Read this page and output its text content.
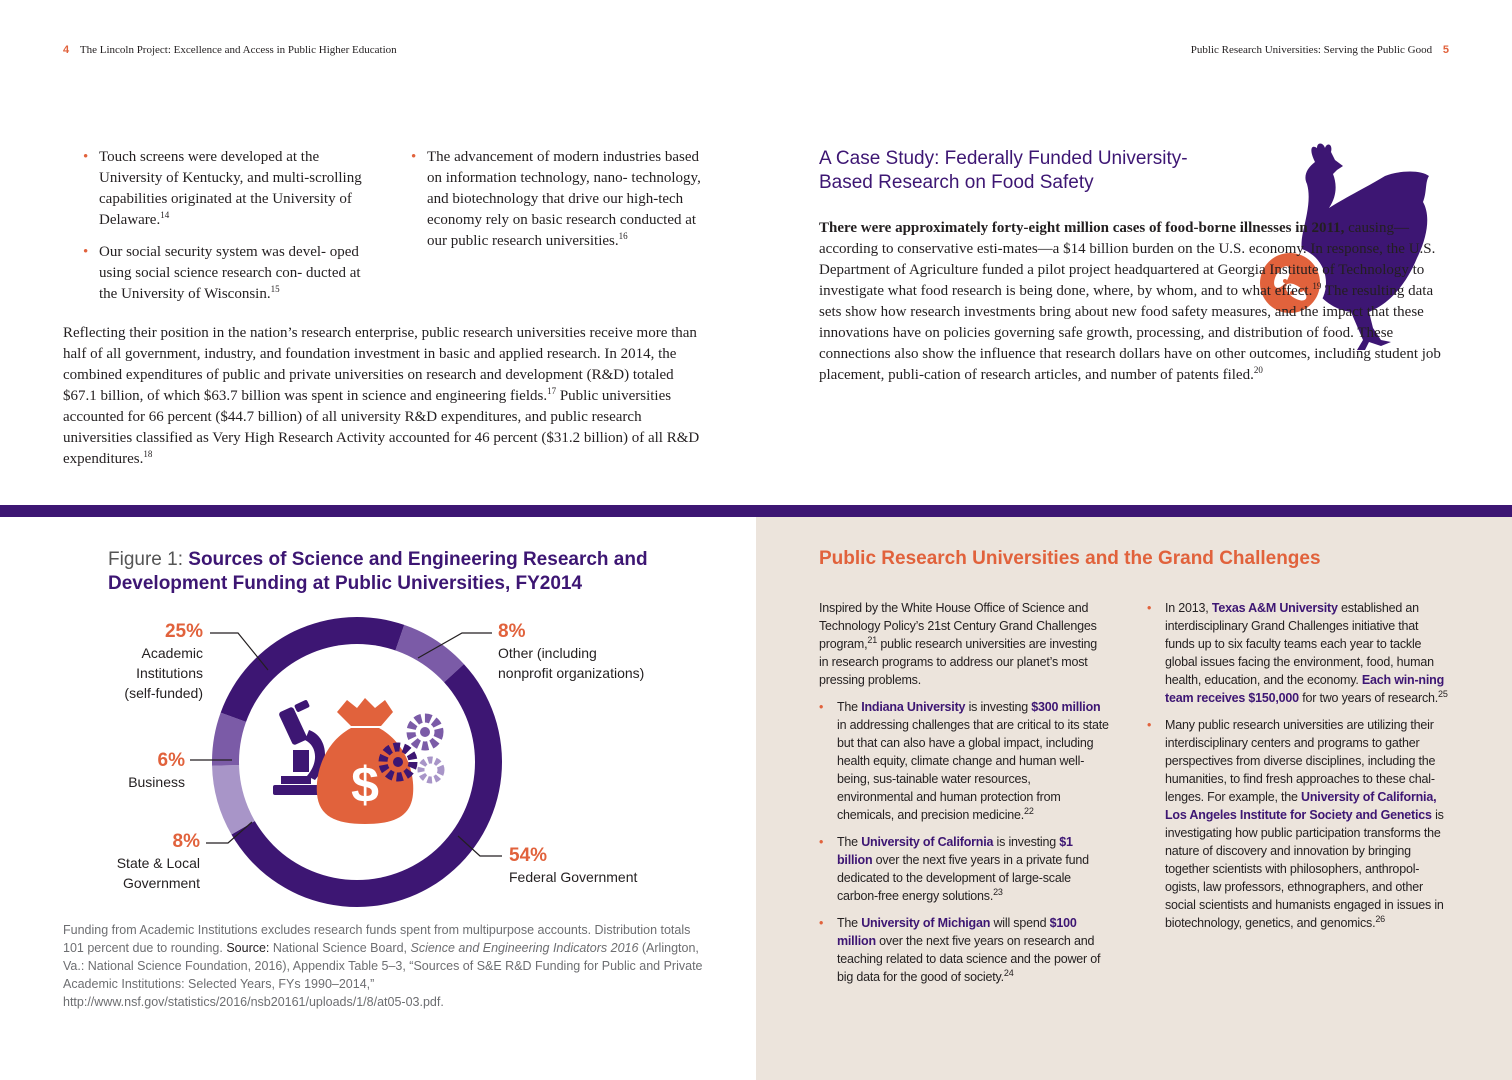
4 The Lincoln Project: Excellence and Access in Public Higher Education	Public Research Universities: Serving the Public Good 5
• Touch screens were developed at the University of Kentucky, and multi-scrolling capabilities originated at the University of Delaware.$^{14}$
• Our social security system was devel- oped using social science research con- ducted at the University of Wisconsin.$^{15}$
• The advancement of modern industries based on information technology, nano- technology, and biotechnology that drive our high-tech economy rely on basic research conducted at our public research universities.$^{16}$

Reflecting their position in the nation’s research enterprise, public research universities receive more than half of all government, industry, and foundation investment in basic and applied research. In 2014, the combined expenditures of public and private universities on research and development (R&D) totaled $67.1 billion, of which $63.7 billion was spent in science and engineering fields.$^{17}$ Public universities accounted for 66 percent ($44.7 billion) of all university R&D expenditures, and public research universities classified as Very High Research Activity accounted for 46 percent ($31.2 billion) of all R&D expenditures.$^{18}$

A Case Study: Federally Funded University-Based Research on Food Safety

There were approximately forty-eight million cases of food-borne illnesses in 2011, causing—according to conservative esti-mates—a $14 billion burden on the U.S. economy. In response, the U.S. Department of Agriculture funded a pilot project headquartered at Georgia Institute of Technology to investigate what food research is being done, where, by whom, and to what effect.$^{19}$ The resulting data sets show how research investments bring about new food safety measures, and the impact that these innovations have on policies governing safe growth, processing, and distribution of food. These connections also show the influence that research dollars have on other outcomes, including student job placement, publi-cation of research articles, and number of patents filed.$^{20}$

Figure 1: Sources of Science and Engineering Research and Development Funding at Public Universities, FY2014
$
25%
Academic
Institutions
(self-funded)
8%
Other (including
nonprofit organizations)
6%
Business
8%
State & Local
Government
54%
Federal Government

Funding from Academic Institutions excludes research funds spent from multipurpose accounts. Distribution totals 101 percent due to rounding. Source: National Science Board, Science and Engineering Indicators 2016 (Arlington, Va.: National Science Foundation, 2016), Appendix Table 5–3, “Sources of S&E R&D Funding for Public and Private Academic Institutions: Selected Years, FYs 1990–2014,” http://www.nsf.gov/statistics/2016/nsb20161/uploads/1/8/at05-03.pdf.

Public Research Universities and the Grand Challenges

Inspired by the White House Office of Science and Technology Policy’s 21st Century Grand Challenges program,$^{21}$ public research universities are investing in research programs to address our planet’s most pressing problems.

• The Indiana University is investing $300 million in addressing challenges that are critical to its state but that can also have a global impact, including health equity, climate change and human well-being, sus-tainable water resources, environmental and human protection from chemicals, and precision medicine.$^{22}$
• The University of California is investing $1 billion over the next five years in a private fund dedicated to the development of large-scale carbon-free energy solutions.$^{23}$
• The University of Michigan will spend $100 million over the next five years on research and teaching related to data science and the power of big data for the good of society.$^{24}$
• In 2013, Texas A&M University established an interdisciplinary Grand Challenges initiative that funds up to six faculty teams each year to tackle global issues facing the environment, food, human health, education, and the economy. Each win-ning team receives $150,000 for two years of research.$^{25}$
• Many public research universities are utilizing their interdisciplinary centers and programs to gather perspectives from diverse disciplines, including the humanities, to find fresh approaches to these chal-lenges. For example, the University of California, Los Angeles Institute for Society and Genetics is investigating how public participation transforms the nature of discovery and innovation by bringing together scientists with philosophers, anthropol-ogists, law professors, ethnographers, and other social scientists and humanists engaged in issues in biotechnology, genetics, and genomics.$^{26}$
